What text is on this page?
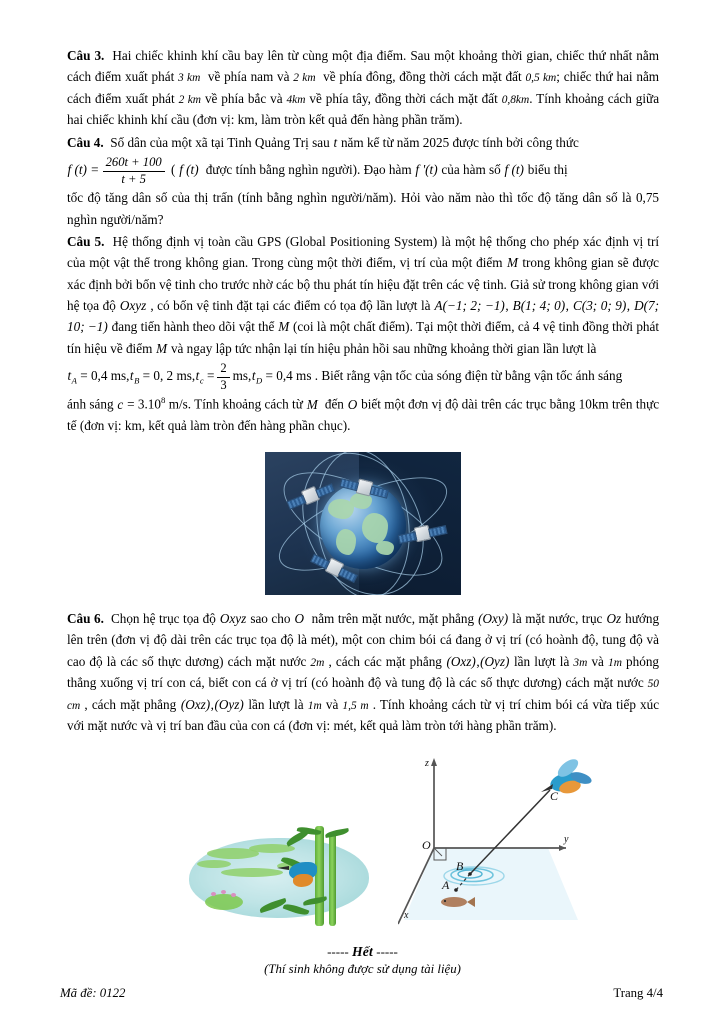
Câu 3. Hai chiếc khinh khí cầu bay lên từ cùng một địa điểm. Sau một khoảng thời gian, chiếc thứ nhất nằm cách điểm xuất phát 3 km về phía nam và 2 km về phía đông, đồng thời cách mặt đất 0,5 km; chiếc thứ hai nằm cách điểm xuất phát 2 km về phía bắc và 4km về phía tây, đồng thời cách mặt đất 0,8km. Tính khoảng cách giữa hai chiếc khinh khí cầu (đơn vị: km, làm tròn kết quả đến hàng phần trăm).

Câu 4. Số dân của một xã tại Tinh Quảng Trị sau t năm kể từ năm 2025 được tính bởi công thức

f $(t) = \frac{260t + 100}{t + 5}$ ( f (t) được tính bằng nghìn người). Đạo hàm f '(t) của hàm số f (t) biểu thị

tốc độ tăng dân số của thị trấn (tính bằng nghìn người/năm). Hỏi vào năm nào thì tốc độ tăng dân số là 0,75 nghìn người/năm?

Câu 5. Hệ thống định vị toàn cầu GPS (Global Positioning System) là một hệ thống cho phép xác định vị trí của một vật thể trong không gian. Trong cùng một thời điểm, vị trí của một điểm M trong không gian sẽ được xác định bởi bốn vệ tinh cho trước nhờ các bộ thu phát tín hiệu đặt trên các vệ tinh. Giả sử trong không gian với hệ tọa độ Oxyz , có bốn vệ tinh đặt tại các điểm có tọa độ lần lượt là A(−1; 2; −1), B(1; 4; 0), C(3; 0; 9), D(7; 10; −1) đang tiến hành theo dõi vật thể M (coi là một chất điểm). Tại một thời điểm, cả 4 vệ tinh đồng thời phát tín hiệu về điểm M và ngay lập tức nhận lại tín hiệu phản hồi sau những khoảng thời gian lần lượt là

$t_A = 0,4$ $ms,t_B = 0$, 2 $ms,t_c = \frac{2}{3} ms,t_D = 0,4$ ms . Biết rằng vận tốc của sóng điện từ bằng vận tốc ánh sáng

ánh sáng $c = 3.10^8$ m/s. Tính khoảng cách từ M đến O biết một đơn vị độ dài trên các trục bằng 10km trên thực tế (đơn vị: km, kết quả làm tròn đến hàng phần chục).

Câu 6. Chọn hệ trục tọa độ Oxyz sao cho O nằm trên mặt nước, mặt phẳng (Oxy) là mặt nước, trục Oz hướng lên trên (đơn vị độ dài trên các trục tọa độ là mét), một con chim bói cá đang ở vị trí (có hoành độ, tung độ và cao độ là các số thực dương) cách mặt nước 2m , cách các mặt phẳng (Oxz),(Oyz) lần lượt là 3m và 1m phóng thẳng xuống vị trí con cá, biết con cá ở vị trí (có hoành độ và tung độ là các số thực dương) cách mặt nước 50 cm , cách mặt phẳng (Oxz),(Oyz) lần lượt là 1m và 1,5 m . Tính khoảng cách từ vị trí chim bói cá vừa tiếp xúc với mặt nước và vị trí ban đầu của con cá (đơn vị: mét, kết quả làm tròn tới hàng phần trăm).

O
z
y
x
A
B
C
----- Hết -----
(Thí sinh không được sử dụng tài liệu)
Mã đề: 0122	Trang 4/4
